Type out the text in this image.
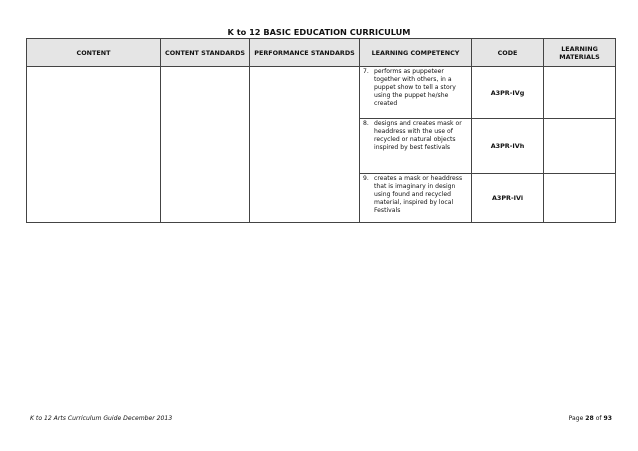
K to 12 BASIC EDUCATION CURRICULUM
CONTENT	CONTENT STANDARDS	PERFORMANCE STANDARDS	LEARNING COMPETENCY	CODE	LEARNING MATERIALS

			7. performs as puppeteer together with others, in a puppet show to tell a story using the puppet he/she created	A3PR-IVg	

			8. designs and creates mask or headdress with the use of recycled or natural objects inspired by best festivals	A3PR-IVh	

			9. creates a mask or headdress that is imaginary in design using found and recycled material, inspired by local Festivals	A3PR-IVi	
K to 12 Arts Curriculum Guide December 2013	Page 28 of 93
